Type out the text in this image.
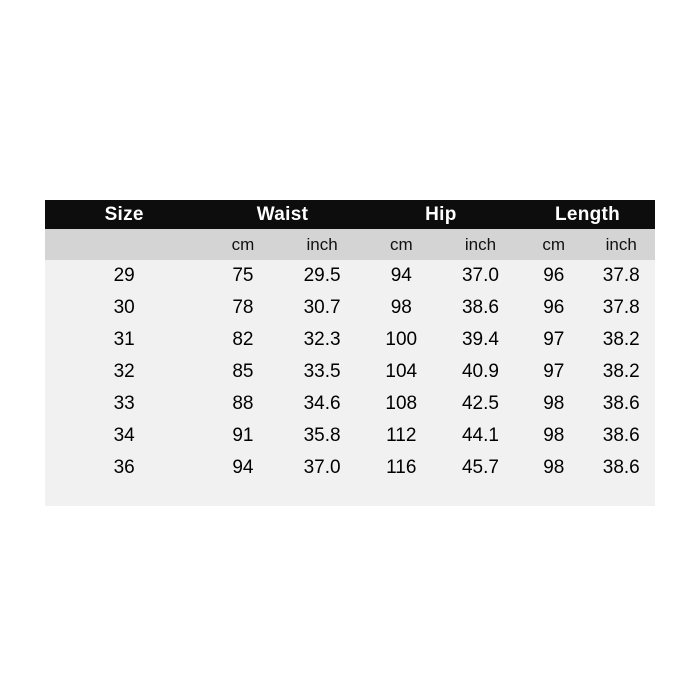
Size	Waist		Hip		Length	
	cm	inch	cm	inch	cm	inch
29	75	29.5	94	37.0	96	37.8
30	78	30.7	98	38.6	96	37.8
31	82	32.3	100	39.4	97	38.2
32	85	33.5	104	40.9	97	38.2
33	88	34.6	108	42.5	98	38.6
34	91	35.8	112	44.1	98	38.6
36	94	37.0	116	45.7	98	38.6
